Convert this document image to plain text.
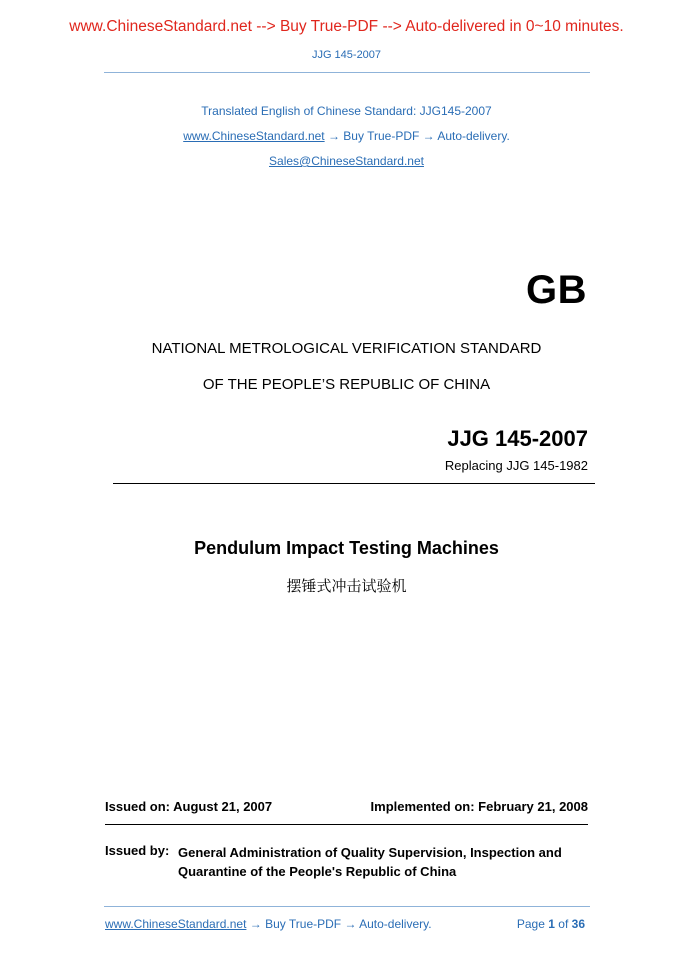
www.ChineseStandard.net --> Buy True-PDF --> Auto-delivered in 0~10 minutes.
JJG 145-2007
Translated English of Chinese Standard: JJG145-2007
www.ChineseStandard.net → Buy True-PDF → Auto-delivery.
Sales@ChineseStandard.net
GB
NATIONAL METROLOGICAL VERIFICATION STANDARD
OF THE PEOPLE’S REPUBLIC OF CHINA
JJG 145-2007
Replacing JJG 145-1982
Pendulum Impact Testing Machines
摆锤式冲击试验机
Issued on: August 21, 2007	Implemented on: February 21, 2008
Issued by: General Administration of Quality Supervision, Inspection and
Quarantine of the People's Republic of China
www.ChineseStandard.net → Buy True-PDF → Auto-delivery.	Page 1 of 36
